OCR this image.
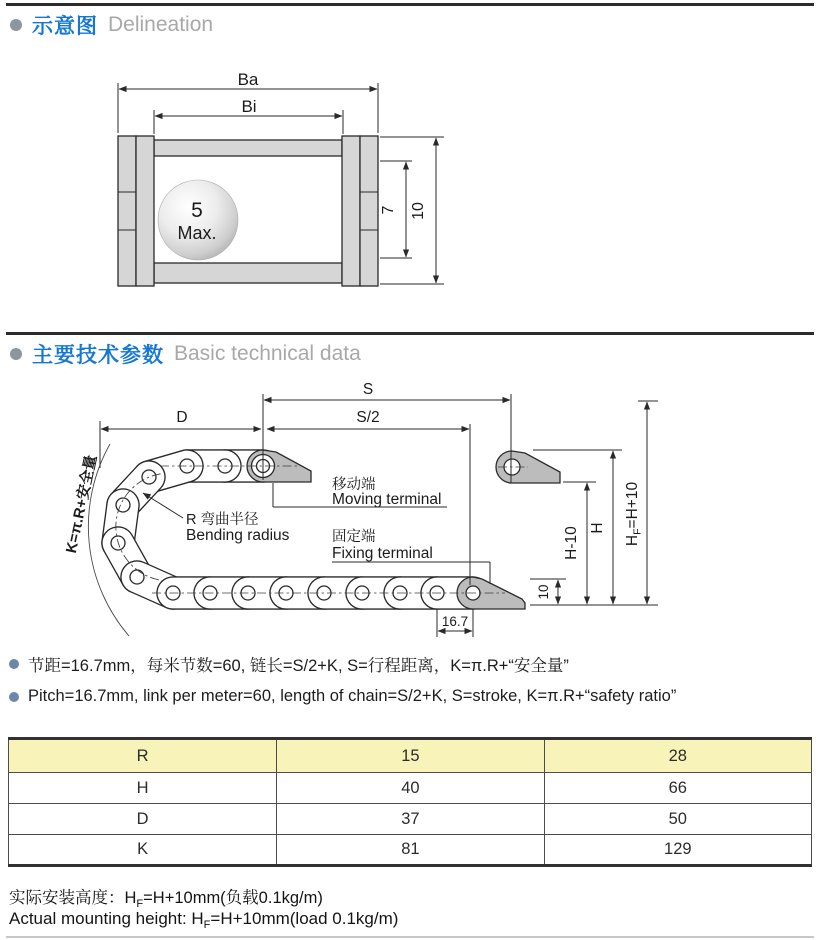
示意图 Delineation
5
Max.
Ba
Bi
7 10
主要技术参数 Basic technical data
D
S
S/2
K=π.R+安全量	R 弯曲半径
Bending radius
移动端
Moving terminal
固定端
Fixing terminal	H-10 H
$H_F=H+10$
10
16.7
节距=16.7mm，每米节数=60, 链长=S/2+K, S=行程距离，K=π.R+“安全量”
Pitch=16.7mm, link per meter=60, length of chain=S/2+K, S=stroke, K=π.R+“safety ratio”
R	15	28
H	40	66
D	37	50
K	81	129
实际安装高度：$H_F=H+10mm$(负载0.1kg/m)
Actual mounting height: $H_F=H+10mm(load$ 0.1kg/m)
